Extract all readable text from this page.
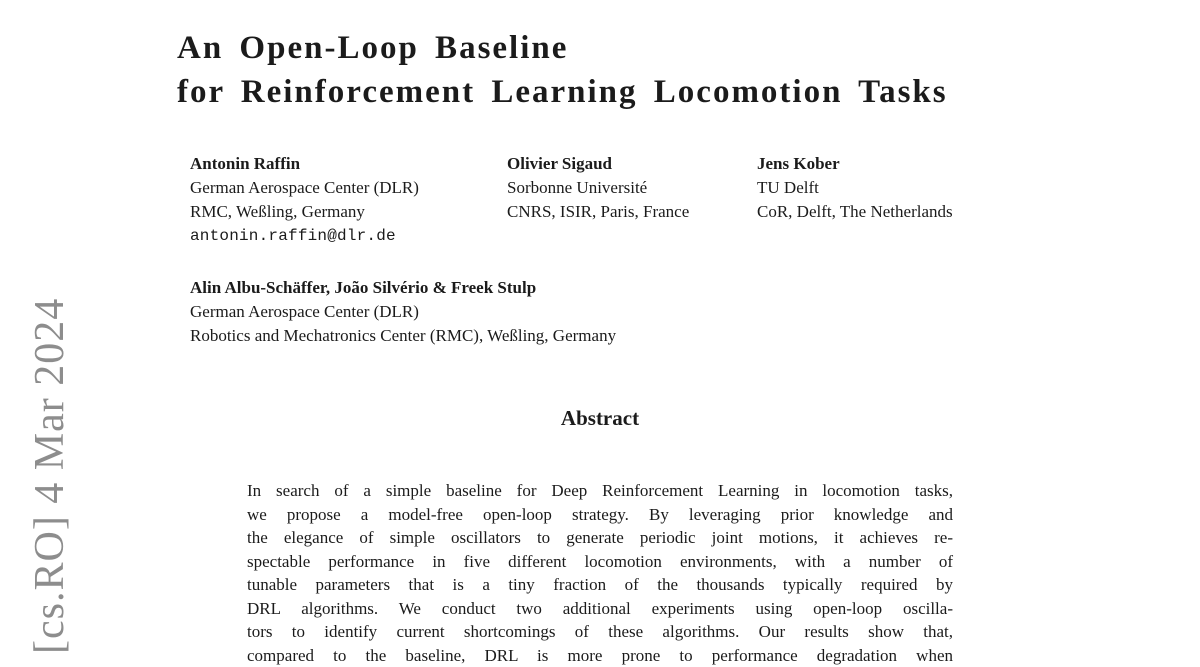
[cs.RO] 4 Mar 2024
An Open-Loop Baseline
for Reinforcement Learning Locomotion Tasks
Antonin Raffin
German Aerospace Center (DLR)
RMC, Weßling, Germany
antonin.raffin@dlr.de
Olivier Sigaud
Sorbonne Université
CNRS, ISIR, Paris, France
Jens Kober
TU Delft
CoR, Delft, The Netherlands
Alin Albu-Schäffer, João Silvério & Freek Stulp
German Aerospace Center (DLR)
Robotics and Mechatronics Center (RMC), Weßling, Germany
Abstract
In search of a simple baseline for Deep Reinforcement Learning in locomotion tasks,
we propose a model-free open-loop strategy. By leveraging prior knowledge and
the elegance of simple oscillators to generate periodic joint motions, it achieves re-
spectable performance in five different locomotion environments, with a number of
tunable parameters that is a tiny fraction of the thousands typically required by
DRL algorithms. We conduct two additional experiments using open-loop oscilla-
tors to identify current shortcomings of these algorithms. Our results show that,
compared to the baseline, DRL is more prone to performance degradation when
